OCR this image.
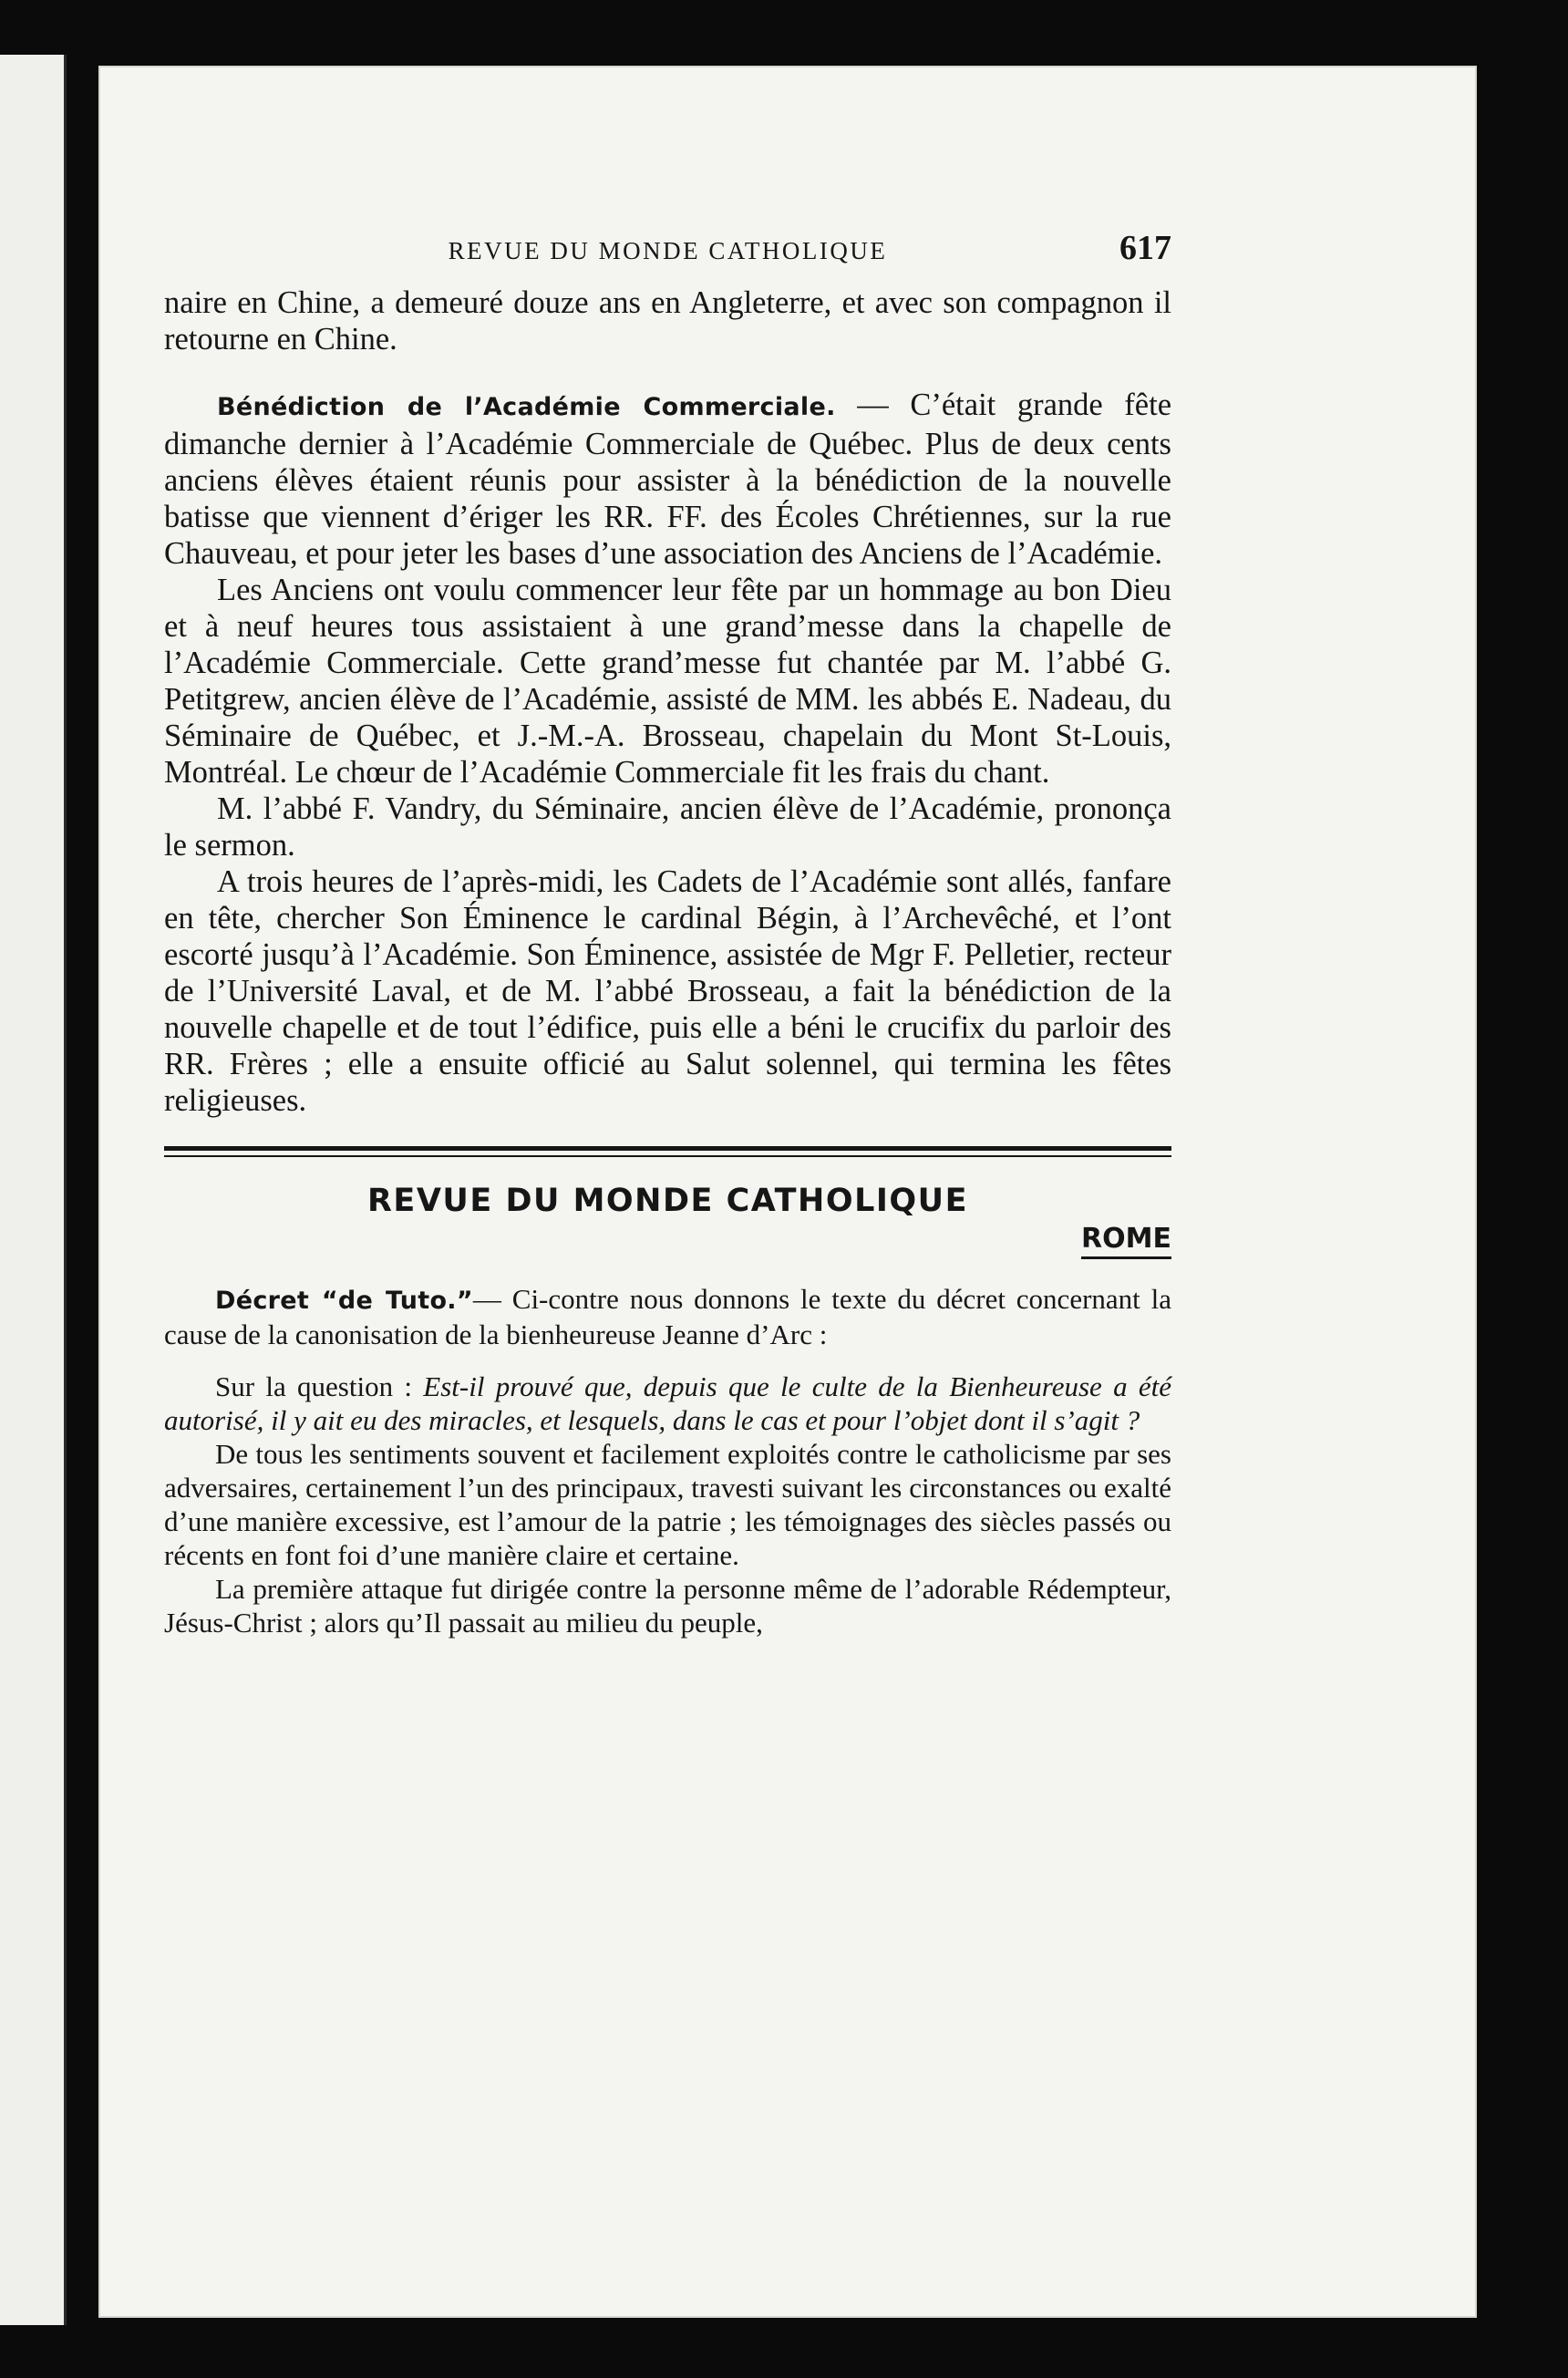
REVUE DU MONDE CATHOLIQUE	617

naire en Chine, a demeuré douze ans en Angleterre, et avec son compagnon il retourne en Chine.

Bénédiction de l’Académie Commerciale. — C’était grande fête dimanche dernier à l’Académie Commerciale de Québec. Plus de deux cents anciens élèves étaient réunis pour assister à la bénédiction de la nouvelle batisse que viennent d’ériger les RR. FF. des Écoles Chrétiennes, sur la rue Chauveau, et pour jeter les bases d’une association des Anciens de l’Académie.

Les Anciens ont voulu commencer leur fête par un hommage au bon Dieu et à neuf heures tous assistaient à une grand’messe dans la chapelle de l’Académie Commerciale. Cette grand’messe fut chantée par M. l’abbé G. Petitgrew, ancien élève de l’Académie, assisté de MM. les abbés E. Nadeau, du Séminaire de Québec, et J.-M.-A. Brosseau, chapelain du Mont St-Louis, Montréal. Le chœur de l’Académie Commerciale fit les frais du chant.

M. l’abbé F. Vandry, du Séminaire, ancien élève de l’Académie, prononça le sermon.

A trois heures de l’après-midi, les Cadets de l’Académie sont allés, fanfare en tête, chercher Son Éminence le cardinal Bégin, à l’Archevêché, et l’ont escorté jusqu’à l’Académie. Son Éminence, assistée de Mgr F. Pelletier, recteur de l’Université Laval, et de M. l’abbé Brosseau, a fait la bénédiction de la nouvelle chapelle et de tout l’édifice, puis elle a béni le crucifix du parloir des RR. Frères ; elle a ensuite officié au Salut solennel, qui termina les fêtes religieuses.

REVUE DU MONDE CATHOLIQUE
ROME

Décret “de Tuto.”— Ci-contre nous donnons le texte du décret concernant la cause de la canonisation de la bienheureuse Jeanne d’Arc :

Sur la question : Est-il prouvé que, depuis que le culte de la Bienheureuse a été autorisé, il y ait eu des miracles, et lesquels, dans le cas et pour l’objet dont il s’agit ?

De tous les sentiments souvent et facilement exploités contre le catholicisme par ses adversaires, certainement l’un des principaux, travesti suivant les circonstances ou exalté d’une manière excessive, est l’amour de la patrie ; les témoignages des siècles passés ou récents en font foi d’une manière claire et certaine.

La première attaque fut dirigée contre la personne même de l’adorable Rédempteur, Jésus-Christ ; alors qu’Il passait au milieu du peuple,
